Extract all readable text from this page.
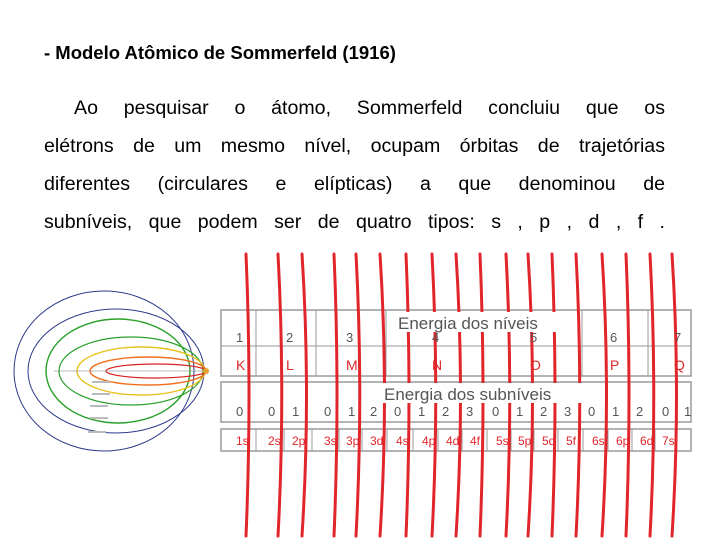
- Modelo Atômico de Sommerfeld (1916)
Ao pesquisar o átomo, Sommerfeld concluiu que os
elétrons de um mesmo nível, ocupam órbitas de trajetórias
diferentes (circulares e elípticas) a que denominou de
subníveis, que podem ser de quatro tipos: s , p , d , f .
Energia dos níveis
Energia dos subníveis
1	2	3	4	5	6	7
K	L	M	N	O	P	Q
0 0 1 0 1 2 0 1 2 3 0 1 2 3 0 1 2 0 1
1s 2s 2p 3s 3p 3d 4s 4p 4d 4f 5s 5p 5d 5f 6s 6p 6d 7s
